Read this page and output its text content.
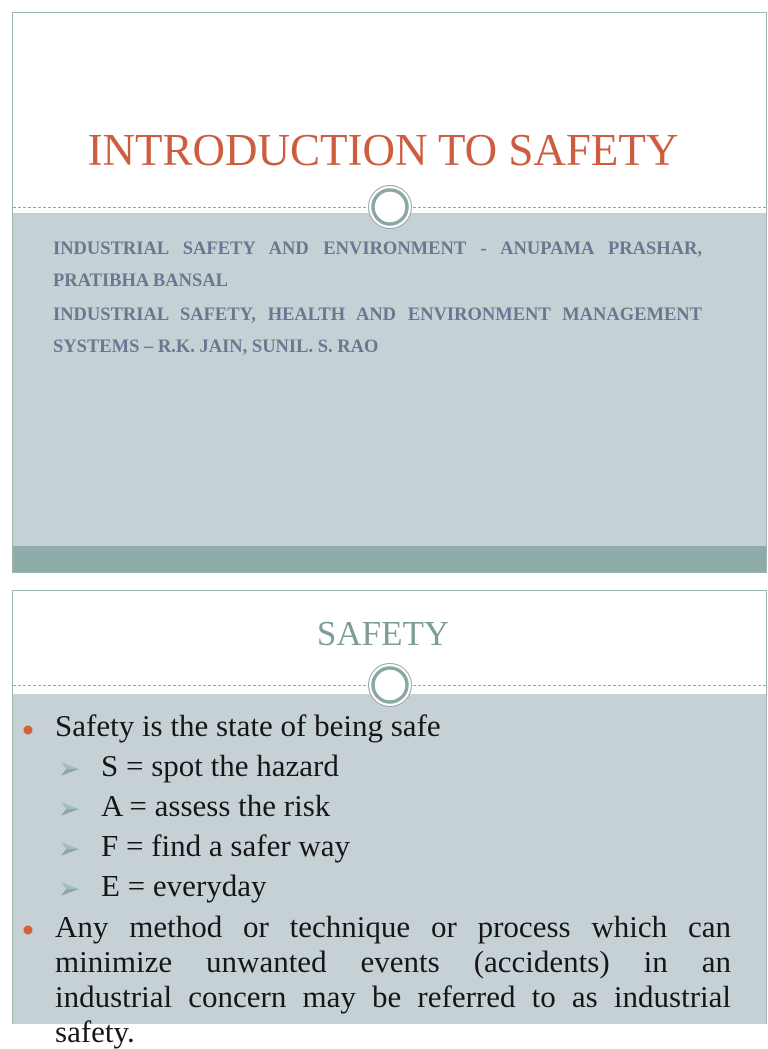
INTRODUCTION TO SAFETY
INDUSTRIAL SAFETY AND ENVIRONMENT - ANUPAMA PRASHAR,
PRATIBHA BANSAL
INDUSTRIAL SAFETY, HEALTH AND ENVIRONMENT MANAGEMENT
SYSTEMS – R.K. JAIN, SUNIL. S. RAO
SAFETY
Safety is the state of being safe
S = spot the hazard
A = assess the risk
F = find a safer way
E = everyday
Any method or technique or process which can
minimize unwanted events (accidents) in an
industrial concern may be referred to as industrial
safety.
